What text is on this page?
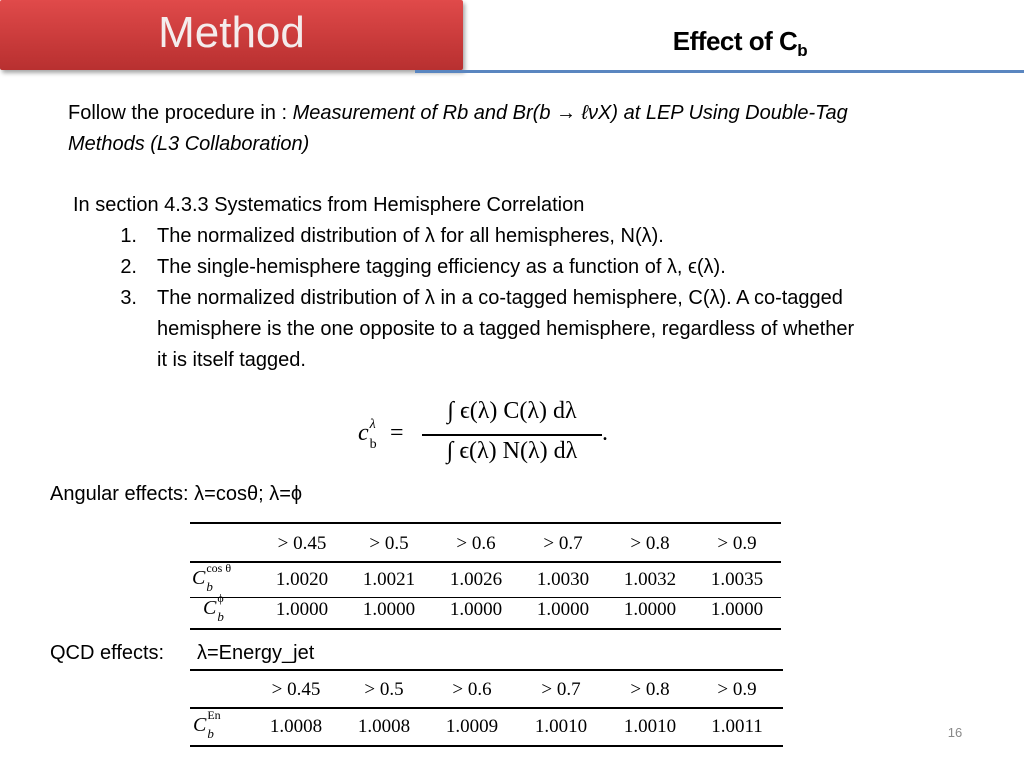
Method	Effect of $C_b$
Follow the procedure in : Measurement of Rb and Br(b → ℓνX) at LEP Using Double-Tag
Methods (L3 Collaboration)
In section 4.3.3 Systematics from Hemisphere Correlation
1. The normalized distribution of λ for all hemispheres, N(λ).
2. The single-hemisphere tagging efficiency as a function of λ, ϵ(λ).
3. The normalized distribution of λ in a co-tagged hemisphere, C(λ). A co-tagged
hemisphere is the one opposite to a tagged hemisphere, regardless of whether
it is itself tagged.
c λ
b =
∫ ϵ(λ) C(λ) dλ
∫ ϵ(λ) N(λ) dλ
.
Angular effects: λ=cosθ; λ=ϕ
> 0.45	> 0.5	> 0.6	> 0.7	> 0.8	> 0.9
C cos θ
b	1.0020	1.0021	1.0026	1.0030	1.0032	1.0035
C ϕ
b	1.0000	1.0000	1.0000	1.0000	1.0000	1.0000
QCD effects: λ=Energy_jet
> 0.45	> 0.5	> 0.6	> 0.7	> 0.8	> 0.9
C En
b	1.0008	1.0008	1.0009	1.0010	1.0010	1.0011	16
